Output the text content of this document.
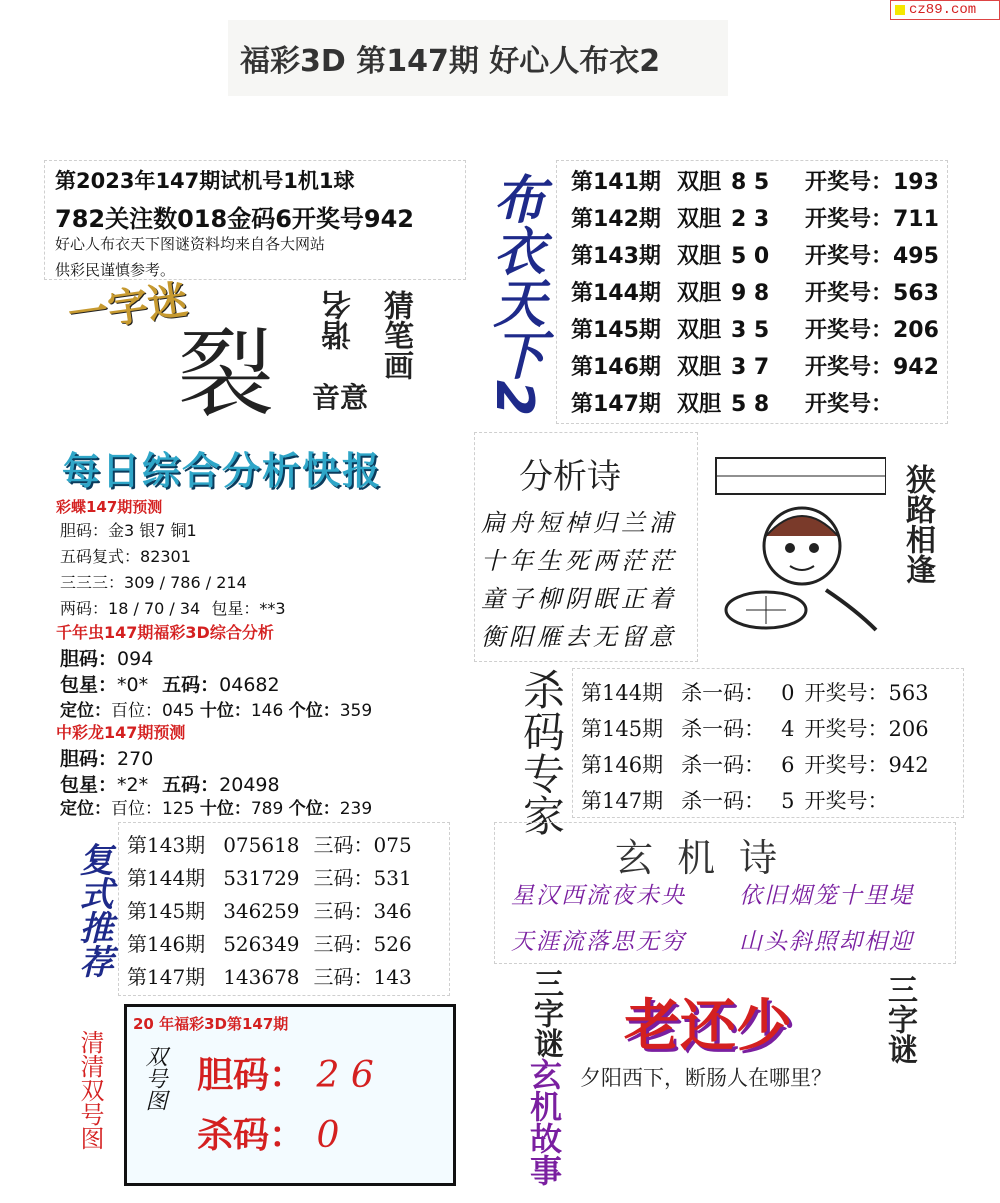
cz89.com
福彩3D 第147期 好心人布衣2
第2023年147期试机号1机1球
782关注数018金码6开奖号942
好心人布衣天下图谜资料均来自各大网站
供彩民谨慎参考。
一字迷
裂	猜笔画
谐名
音意 布衣天下2 第141期 双胆 8 5 开奖号：193
第142期 双胆 2 3 开奖号：711
第143期 双胆 5 0 开奖号：495
第144期 双胆 9 8 开奖号：563
第145期 双胆 3 5 开奖号：206
第146期 双胆 3 7 开奖号：942
第147期 双胆 5 8 开奖号：
每日综合分析快报
彩蝶147期预测
胆码：金3 银7 铜1
五码复式：82301
三三三：309 / 786 / 214
两码：18 / 70 / 34 包星：**3
千年虫147期福彩3D综合分析
胆码：094
包星：*0* 五码：04682
定位：百位：045 十位：146 个位：359
中彩龙147期预测
胆码：270
包星：*2* 五码：20498
定位：百位：125 十位：789 个位：239
分析诗
扁舟短棹归兰浦
十年生死两茫茫
童子柳阴眠正着
衡阳雁去无留意
狭路相逢
杀码专家 第144期 杀一码： 0 开奖号：563
第145期 杀一码： 4 开奖号：206
第146期 杀一码： 6 开奖号：942
第147期 杀一码： 5 开奖号：
复式推荐 第143期 075618 三码：075
第144期 531729 三码：531
第145期 346259 三码：346
第146期 526349 三码：526
第147期 143678 三码：143
玄 机 诗
星汉西流夜未央 依旧烟笼十里堤
天涯流落思无穷 山头斜照却相迎
清清双号图
20 年福彩3D第147期
双号图 胆码： 2 6
杀码： 0
三字谜
玄机故事
老还少	三字谜
夕阳西下，断肠人在哪里？
